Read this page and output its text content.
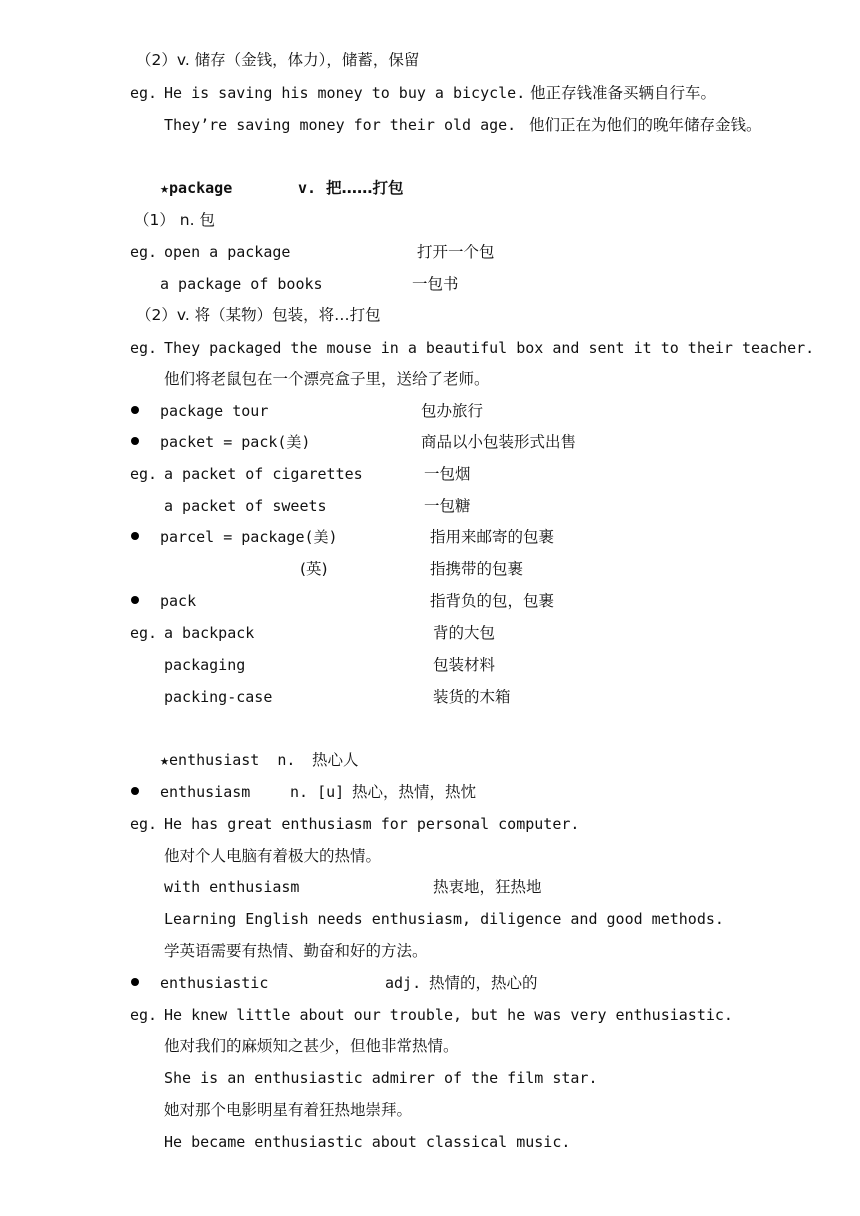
（2）v. 储存（金钱，体力），储蓄，保留
eg. He is saving his money to buy a bicycle. 他正存钱准备买辆自行车。
They’re saving money for their old age. 他们正在为他们的晚年储存金钱。
★package	v. 把……打包
（1） n. 包
eg. open a package	打开一个包
a package of books	一包书
（2）v. 将（某物）包装，将…打包
eg. They packaged the mouse in a beautiful box and sent it to their teacher.
他们将老鼠包在一个漂亮盒子里，送给了老师。
package tour	包办旅行
packet = pack(美)	商品以小包装形式出售
eg. a packet of cigarettes	一包烟
a packet of sweets	一包糖
parcel = package(美)	指用来邮寄的包裹
(英)	指携带的包裹
pack	指背负的包，包裹
eg. a backpack	背的大包
packaging	包装材料
packing-case	装货的木箱
★enthusiast  n. 热心人
enthusiasm	n. [u] 热心，热情，热忱
eg. He has great enthusiasm for personal computer.
他对个人电脑有着极大的热情。
with enthusiasm	热衷地，狂热地
Learning English needs enthusiasm, diligence and good methods.
学英语需要有热情、勤奋和好的方法。
enthusiastic	adj. 热情的，热心的
eg. He knew little about our trouble, but he was very enthusiastic.
他对我们的麻烦知之甚少，但他非常热情。
She is an enthusiastic admirer of the film star.
她对那个电影明星有着狂热地崇拜。
He became enthusiastic about classical music.
